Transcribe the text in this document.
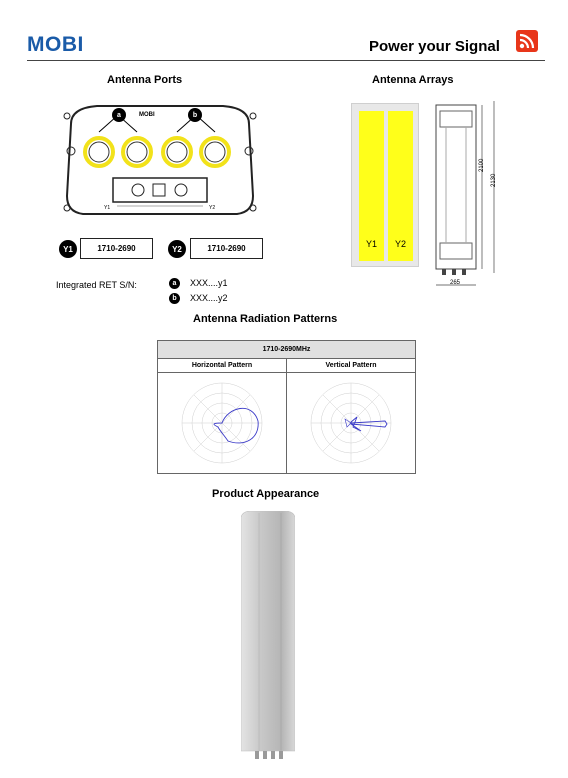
MOBI	Power your Signal
Antenna Ports	Antenna Arrays
a	b
MOBI
Y1	Y2
Y1	1710-2690	Y2	1710-2690
Integrated RET S/N:	a	XXX....y1
b	XXX....y2
Y1	Y2
2100
2130
265
Antenna Radiation Patterns
1710-2690MHz
Horizontal Pattern	Vertical Pattern
Product Appearance
